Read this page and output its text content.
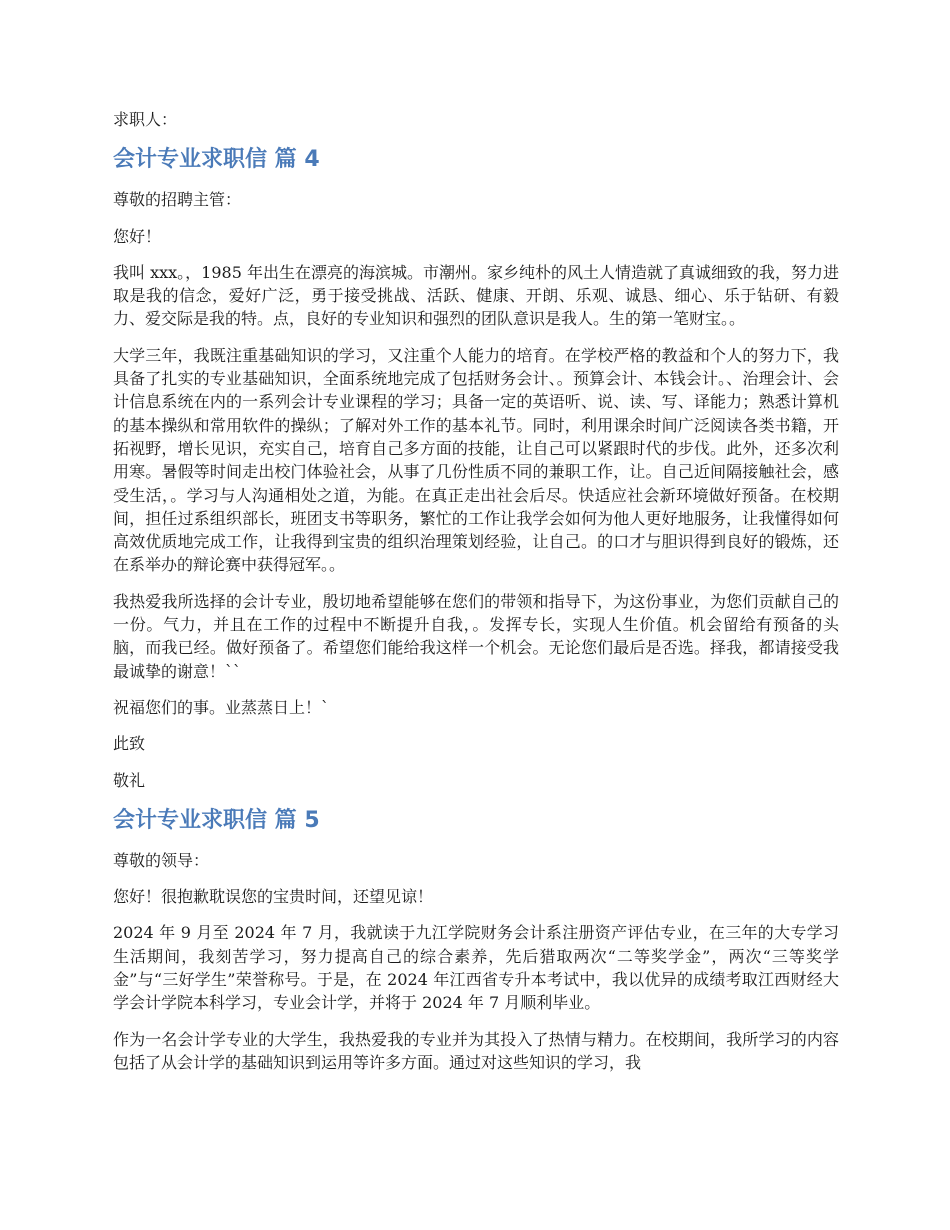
求职人：

会计专业求职信 篇 4

尊敬的招聘主管：

您好！

我叫 xxx。，1985 年出生在漂亮的海滨城。市潮州。家乡纯朴的风土人情造就了真诚细致的我，努力进取是我的信念，爱好广泛，勇于接受挑战、活跃、健康、开朗、乐观、诚恳、细心、乐于钻研、有毅力、爱交际是我的特。点，良好的专业知识和强烈的团队意识是我人。生的第一笔财宝。。

大学三年，我既注重基础知识的学习，又注重个人能力的培育。在学校严格的教益和个人的努力下，我具备了扎实的专业基础知识，全面系统地完成了包括财务会计、。预算会计、本钱会计。、治理会计、会计信息系统在内的一系列会计专业课程的学习；具备一定的英语听、说、读、写、译能力；熟悉计算机的基本操纵和常用软件的操纵；了解对外工作的基本礼节。同时，利用课余时间广泛阅读各类书籍，开拓视野，增长见识，充实自己，培育自己多方面的技能，让自己可以紧跟时代的步伐。此外，还多次利用寒。暑假等时间走出校门体验社会，从事了几份性质不同的兼职工作，让。自己近间隔接触社会，感受生活，。学习与人沟通相处之道，为能。在真正走出社会后尽。快适应社会新环境做好预备。在校期间，担任过系组织部长，班团支书等职务，繁忙的工作让我学会如何为他人更好地服务，让我懂得如何高效优质地完成工作，让我得到宝贵的组织治理策划经验，让自己。的口才与胆识得到良好的锻炼，还在系举办的辩论赛中获得冠军。。

我热爱我所选择的会计专业，殷切地希望能够在您们的带领和指导下，为这份事业，为您们贡献自己的一份。气力，并且在工作的过程中不断提升自我，。发挥专长，实现人生价值。机会留给有预备的头脑，而我已经。做好预备了。希望您们能给我这样一个机会。无论您们最后是否选。择我，都请接受我最诚挚的谢意！``

祝福您们的事。业蒸蒸日上！`

此致

敬礼

会计专业求职信 篇 5

尊敬的领导：

您好！很抱歉耽误您的宝贵时间，还望见谅！

2024 年 9 月至 2024 年 7 月，我就读于九江学院财务会计系注册资产评估专业，在三年的大专学习生活期间，我刻苦学习，努力提高自己的综合素养，先后猎取两次“二等奖学金”，两次“三等奖学金”与“三好学生”荣誉称号。于是，在 2024 年江西省专升本考试中，我以优异的成绩考取江西财经大学会计学院本科学习，专业会计学，并将于 2024 年 7 月顺利毕业。

作为一名会计学专业的大学生，我热爱我的专业并为其投入了热情与精力。在校期间，我所学习的内容包括了从会计学的基础知识到运用等许多方面。通过对这些知识的学习，我
